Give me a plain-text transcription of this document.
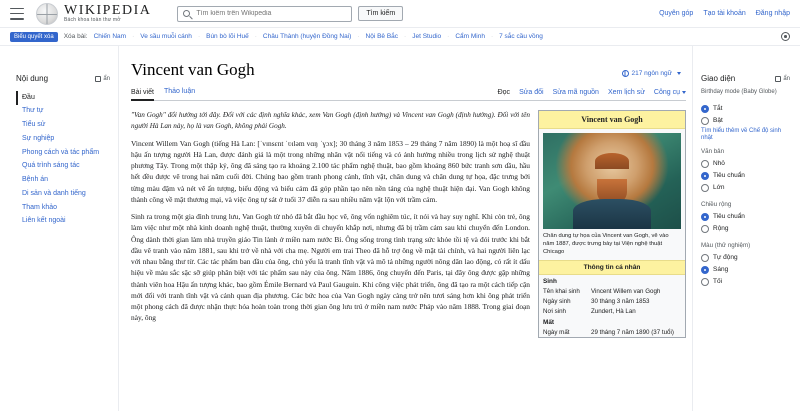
WIKIPEDIA
Bách khoa toàn thư mở
Tìm kiếm trên Wikipedia
Tìm kiếm	Quyên góp Tạo tài khoản Đăng nhập
Biểu quyết xóa	Xóa bài: Chiến Nam · Ve sầu muỗi cánh · Bún bò lõi Huế · Châu Thành (huyện Đồng Nai) · Nội Bê Bắc · Jet Studio · Cẩm Minh · 7 sắc cầu vồng
Nội dung	ẩn
Đầu
Thư tự
Tiểu sử
Sự nghiệp
Phong cách và tác phẩm
Quá trình sáng tác
Bệnh án
Di sản và danh tiếng
Tham khảo
Liên kết ngoài
Vincent van Gogh	217 ngôn ngữ
Bài viết Thảo luận	Đọc Sửa đổi Sửa mã nguồn Xem lịch sử Công cụ

"Van Gogh" đổi hướng tới đây. Đối với các định nghĩa khác, xem Van Gogh (định hướng) và Vincent van Gogh (định hướng). Đối với tên người Hà Lan này, họ là van Gogh, không phải Gogh.

Vincent Willem Van Gogh (tiếng Hà Lan: [ˈvɪnsɛnt ˈʋɪləm vɑŋ ˈɣɔx]; 30 tháng 3 năm 1853 – 29 tháng 7 năm 1890) là một hoạ sĩ đầu hậu ấn tượng người Hà Lan, được đánh giá là một trong những nhân vật nổi tiếng và có ảnh hưởng nhiều trong lịch sử nghệ thuật phương Tây. Trong một thập kỷ, ông đã sáng tạo ra khoảng 2.100 tác phẩm nghệ thuật, bao gồm khoảng 860 bức tranh sơn dầu, hầu hết đều được vẽ trong hai năm cuối đời. Chúng bao gồm tranh phong cảnh, tĩnh vật, chân dung và chân dung tự họa, đặc trưng bởi từng màu đậm và nét vẽ ấn tượng, biểu động và biểu cảm đã góp phần tạo nên nền tảng của nghệ thuật hiện đại. Van Gogh không thành công về mặt thương mại, và việc ông tự sát ở tuổi 37 diễn ra sau nhiều năm vật lộn với trầm cảm.

Sinh ra trong một gia đình trung lưu, Van Gogh từ nhỏ đã bắt đầu học vẽ, ông vốn nghiêm túc, ít nói và hay suy nghĩ. Khi còn trẻ, ông làm việc như một nhà kinh doanh nghệ thuật, thường xuyên di chuyển khắp nơi, nhưng đã bị trầm cảm sau khi chuyển đến London. Ông dành thời gian làm nhà truyền giáo Tin lành ở miền nam nước Bỉ. Ông sống trong tình trạng sức khỏe tồi tệ và đói trước khi bắt đầu vẽ tranh vào năm 1881, sau khi trở về nhà với cha mẹ. Người em trai Theo đã hỗ trợ ông về mặt tài chính, và hai người liên lạc với nhau bằng thư từ. Các tác phẩm ban đầu của ông, chủ yếu là tranh tĩnh vật và mô tả những người nông dân lao động, có rất ít dấu hiệu về màu sắc sặc sỡ giúp phân biệt với tác phẩm sau này của ông. Năm 1886, ông chuyển đến Paris, tại đây ông được gặp những thành viên hoa Hậu ấn tượng khác, bao gồm Émile Bernard và Paul Gauguin. Khi công việc phát triển, ông đã tạo ra một cách tiếp cận mới đối với tranh tĩnh vật và cảnh quan địa phương. Các bức hoa của Van Gogh ngày càng trở nên tươi sáng hơn khi ông phát triển một phong cách đã được nhận thực hóa hoàn toàn trong thời gian ông lưu trú ở miền nam nước Pháp vào năm 1888. Trong giai đoạn này, ông

Vincent van Gogh
Chân dung tự họa của Vincent van Gogh, vẽ vào năm 1887, được trưng bày tại Viện nghệ thuật Chicago
Thông tin cá nhân
Sinh
Tên khai sinh	Vincent Willem van Gogh
Ngày sinh	30 tháng 3 năm 1853
Nơi sinh	Zundert, Hà Lan
Mất
Ngày mất	29 tháng 7 năm 1890 (37 tuổi)
Giao diện	ẩn
Birthday mode (Baby Globe)
Tắt
Bật
Tìm hiểu thêm về Chế độ sinh nhật
Văn bản
Nhỏ
Tiêu chuẩn
Lớn
Chiều rộng
Tiêu chuẩn
Rộng
Màu (thử nghiệm)
Tự động
Sáng
Tối
